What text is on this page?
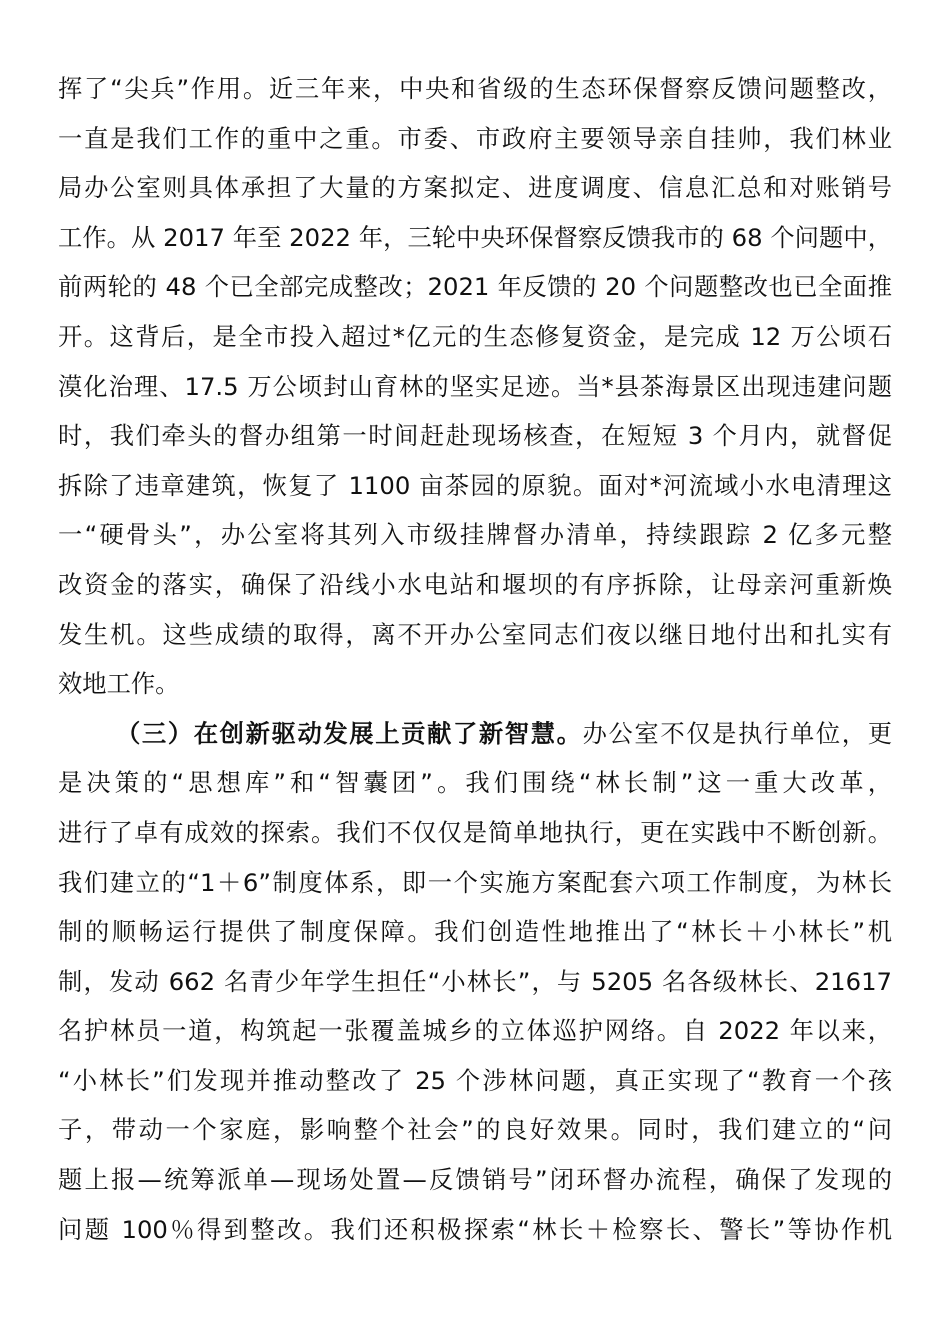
挥了“尖兵”作用。近三年来，中央和省级的生态环保督察反馈问题整改，
一直是我们工作的重中之重。市委、市政府主要领导亲自挂帅，我们林业
局办公室则具体承担了大量的方案拟定、进度调度、信息汇总和对账销号
工作。从 2017 年至 2022 年，三轮中央环保督察反馈我市的 68 个问题中，
前两轮的 48 个已全部完成整改；2021 年反馈的 20 个问题整改也已全面推
开。这背后，是全市投入超过*亿元的生态修复资金，是完成 12 万公顷石
漠化治理、17.5 万公顷封山育林的坚实足迹。当*县茶海景区出现违建问题
时，我们牵头的督办组第一时间赶赴现场核查，在短短 3 个月内，就督促
拆除了违章建筑，恢复了 1100 亩茶园的原貌。面对*河流域小水电清理这
一“硬骨头”，办公室将其列入市级挂牌督办清单，持续跟踪 2 亿多元整
改资金的落实，确保了沿线小水电站和堰坝的有序拆除，让母亲河重新焕
发生机。这些成绩的取得，离不开办公室同志们夜以继日地付出和扎实有
效地工作。
（三）在创新驱动发展上贡献了新智慧。办公室不仅是执行单位，更
是决策的“思想库”和“智囊团”。我们围绕“林长制”这一重大改革，
进行了卓有成效的探索。我们不仅仅是简单地执行，更在实践中不断创新。
我们建立的“1＋6”制度体系，即一个实施方案配套六项工作制度，为林长
制的顺畅运行提供了制度保障。我们创造性地推出了“林长＋小林长”机
制，发动 662 名青少年学生担任“小林长”，与 5205 名各级林长、21617
名护林员一道，构筑起一张覆盖城乡的立体巡护网络。自 2022 年以来，
“小林长”们发现并推动整改了 25 个涉林问题，真正实现了“教育一个孩
子，带动一个家庭，影响整个社会”的良好效果。同时，我们建立的“问
题上报—统筹派单—现场处置—反馈销号”闭环督办流程，确保了发现的
问题 100％得到整改。我们还积极探索“林长＋检察长、警长”等协作机
